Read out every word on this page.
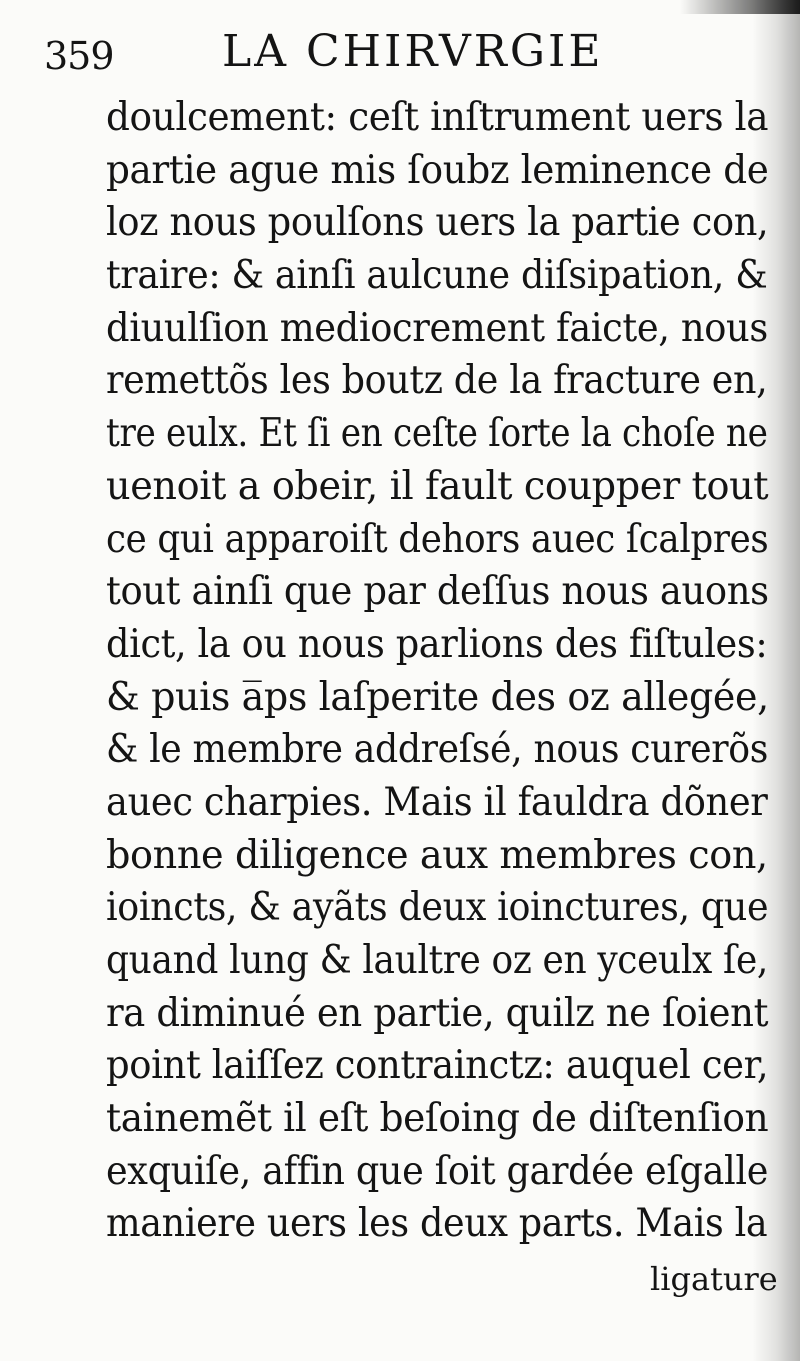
359 LA CHIRVRGIE
doulcement: ceſt inſtrument uers la
partie ague mis ſoubz leminence de
loz nous poulſons uers la partie con,
traire: & ainſi aulcune diſsipation, &
diuulſion mediocrement faicte, nous
remettõs les boutz de la fracture en,
tre eulx. Et ſi en ceſte ſorte la choſe ne
uenoit a obeir, il fault coupper tout
ce qui apparoiſt dehors auec ſcalpres
tout ainſi que par deſſus nous auons
dict, la ou nous parlions des fiſtules:
& puis a̅ps laſperite des oz allegée,
& le membre addreſsé, nous curerõs
auec charpies. Mais il fauldra dõner
bonne diligence aux membres con,
ioincts, & ayãts deux ioinctures, que
quand lung & laultre oz en yceulx ſe,
ra diminué en partie, quilz ne ſoient
point laiſſez contrainctz: auquel cer,
tainemẽt il eſt beſoing de diſtenſion
exquiſe, affin que ſoit gardée eſgalle
maniere uers les deux parts. Mais la
ligature
